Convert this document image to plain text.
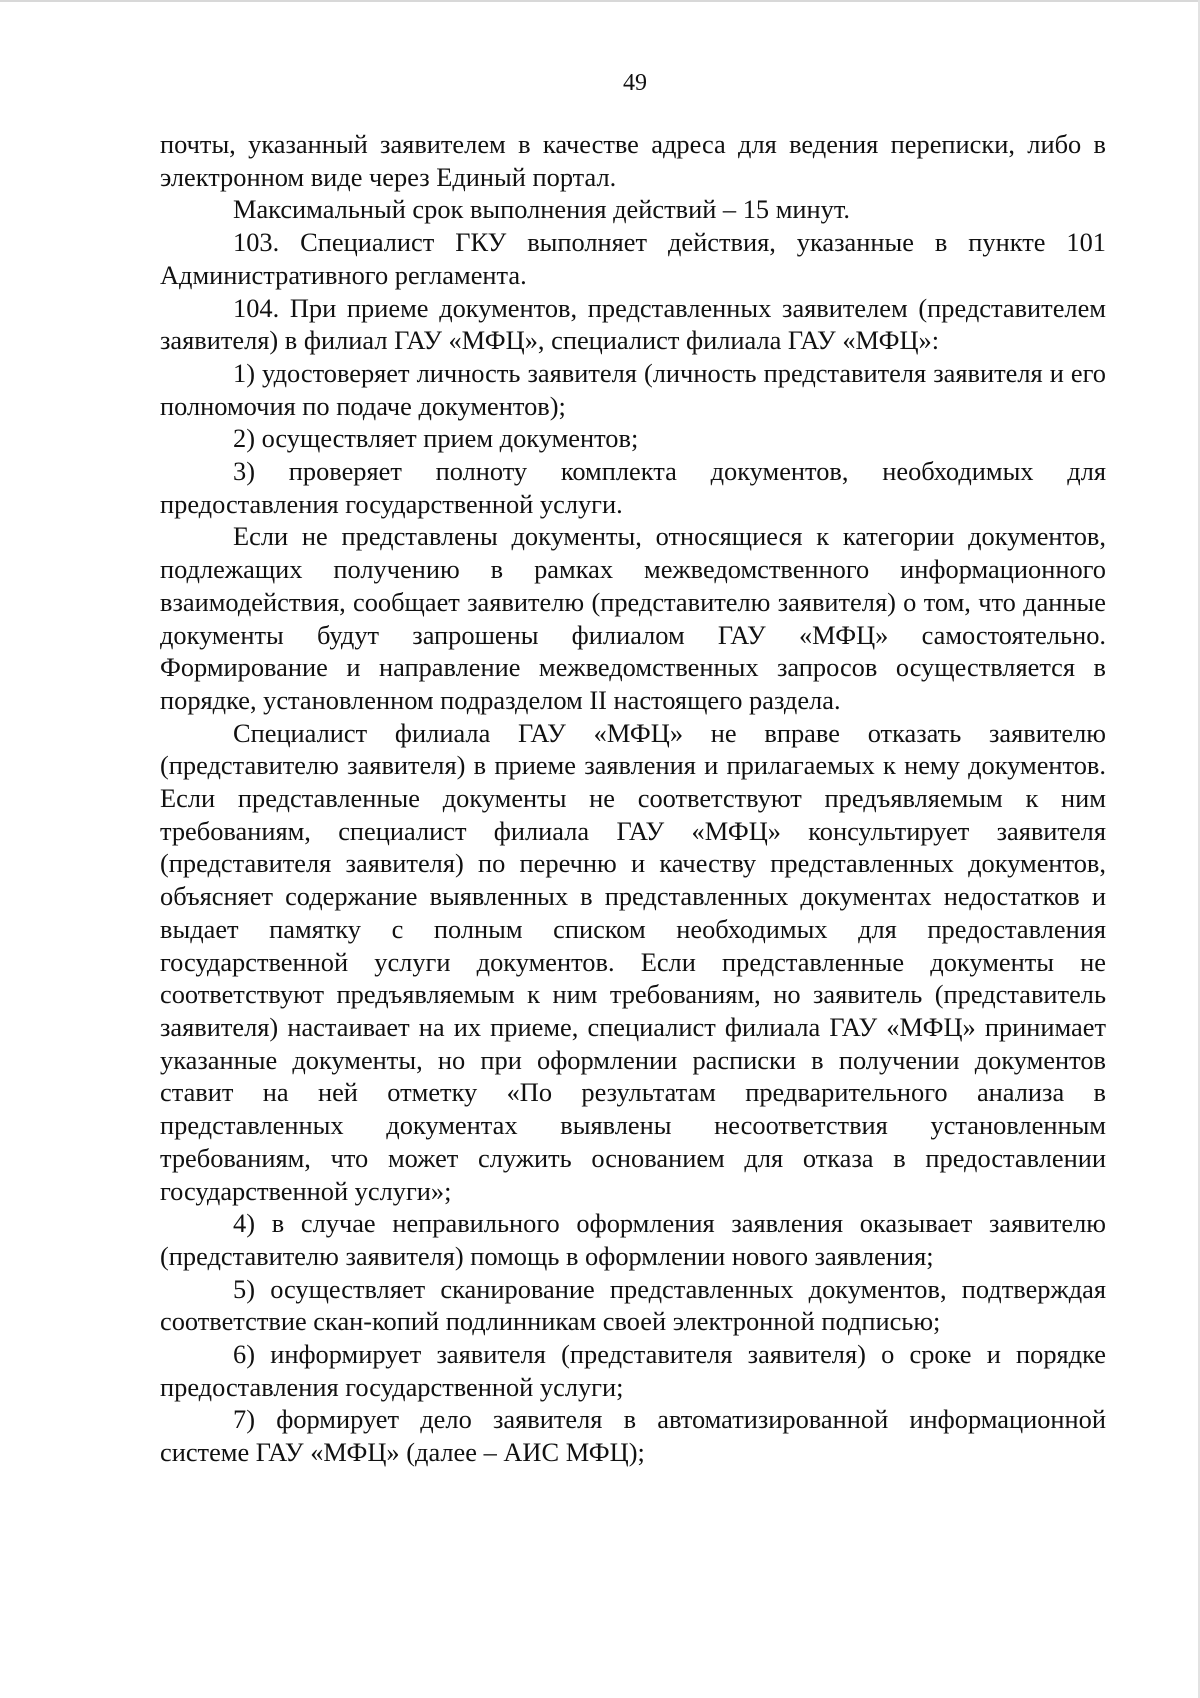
49

почты, указанный заявителем в качестве адреса для ведения переписки, либо в электронном виде через Единый портал.

Максимальный срок выполнения действий – 15 минут.

103. Специалист ГКУ выполняет действия, указанные в пункте 101 Административного регламента.

104. При приеме документов, представленных заявителем (представителем заявителя) в филиал ГАУ «МФЦ», специалист филиала ГАУ «МФЦ»:

1) удостоверяет личность заявителя (личность представителя заявителя и его полномочия по подаче документов);

2) осуществляет прием документов;

3) проверяет полноту комплекта документов, необходимых для предоставления государственной услуги.

Если не представлены документы, относящиеся к категории документов, подлежащих получению в рамках межведомственного информационного взаимодействия, сообщает заявителю (представителю заявителя) о том, что данные документы будут запрошены филиалом ГАУ «МФЦ» самостоятельно. Формирование и направление межведомственных запросов осуществляется в порядке, установленном подразделом II настоящего раздела.

Специалист филиала ГАУ «МФЦ» не вправе отказать заявителю (представителю заявителя) в приеме заявления и прилагаемых к нему документов. Если представленные документы не соответствуют предъявляемым к ним требованиям, специалист филиала ГАУ «МФЦ» консультирует заявителя (представителя заявителя) по перечню и качеству представленных документов, объясняет содержание выявленных в представленных документах недостатков и выдает памятку с полным списком необходимых для предоставления государственной услуги документов. Если представленные документы не соответствуют предъявляемым к ним требованиям, но заявитель (представитель заявителя) настаивает на их приеме, специалист филиала ГАУ «МФЦ» принимает указанные документы, но при оформлении расписки в получении документов ставит на ней отметку «По результатам предварительного анализа в представленных документах выявлены несоответствия установленным требованиям, что может служить основанием для отказа в предоставлении государственной услуги»;

4) в случае неправильного оформления заявления оказывает заявителю (представителю заявителя) помощь в оформлении нового заявления;

5) осуществляет сканирование представленных документов, подтверждая соответствие скан-копий подлинникам своей электронной подписью;

6) информирует заявителя (представителя заявителя) о сроке и порядке предоставления государственной услуги;

7) формирует дело заявителя в автоматизированной информационной системе ГАУ «МФЦ» (далее – АИС МФЦ);
